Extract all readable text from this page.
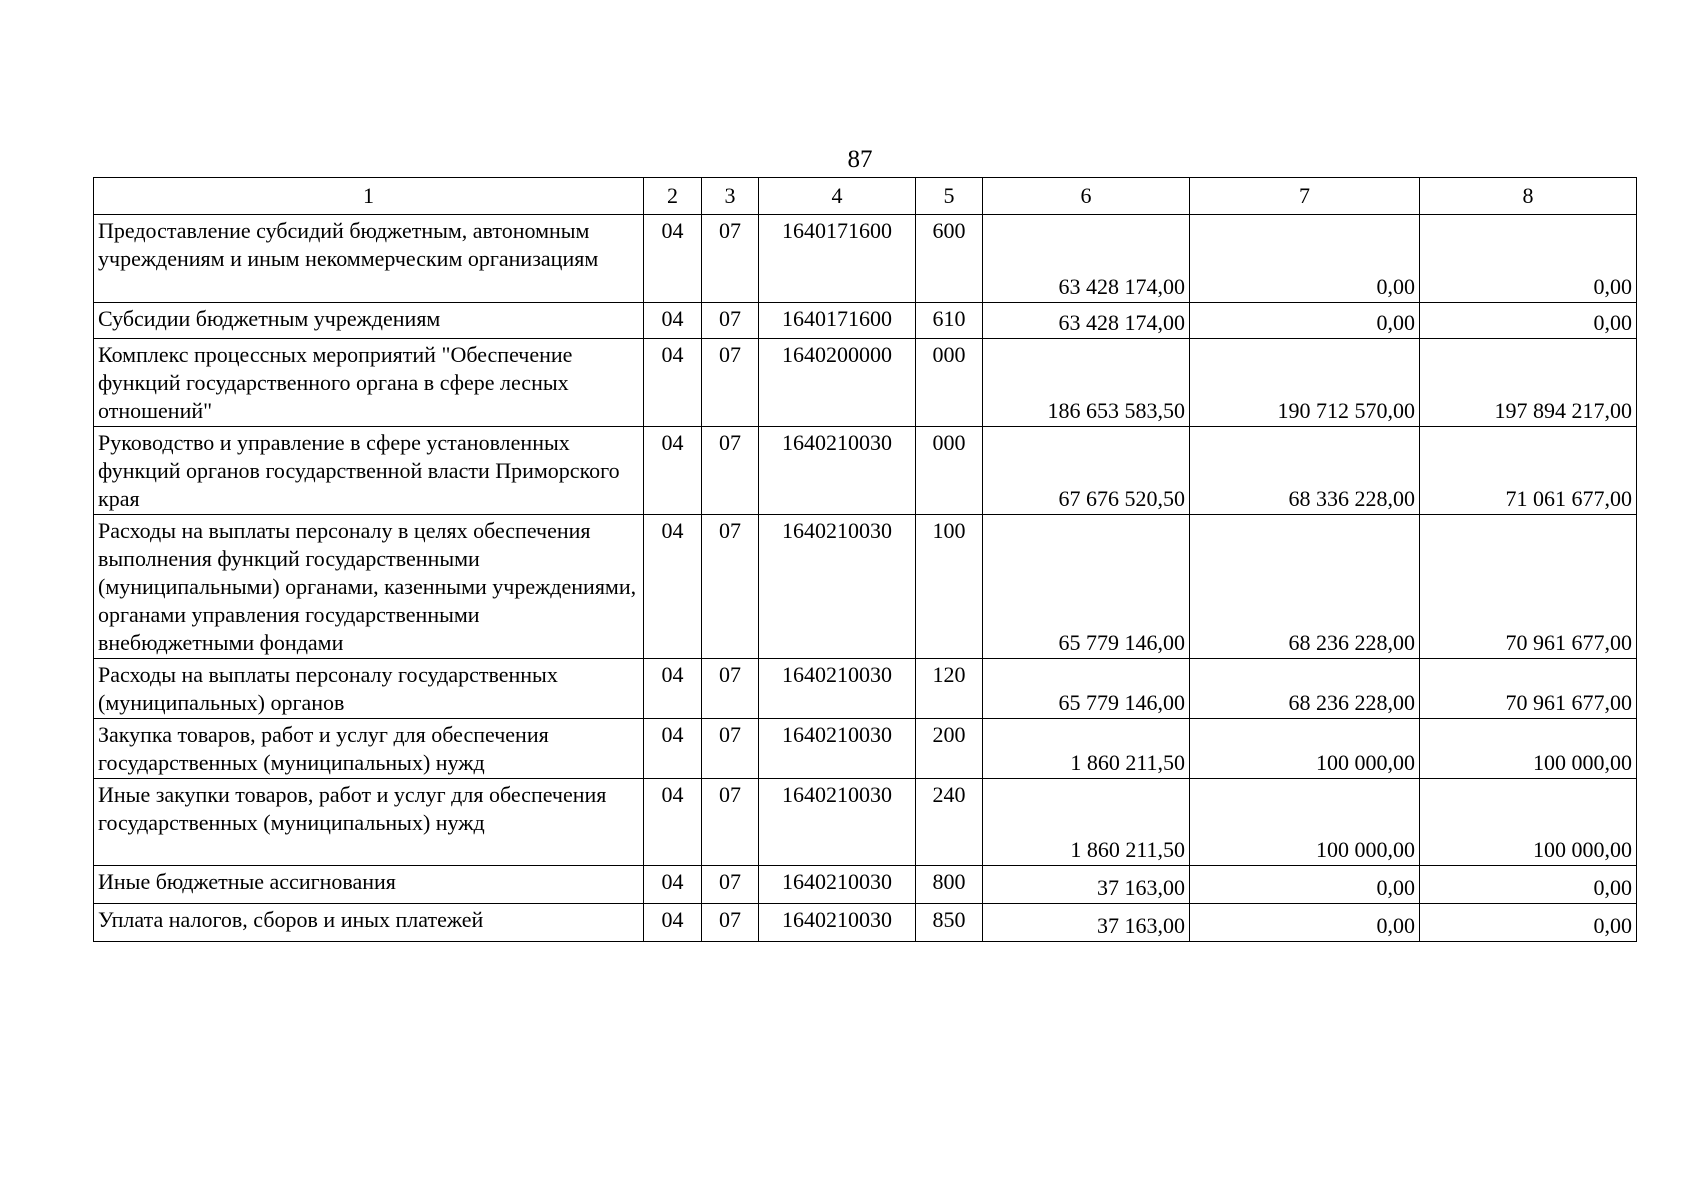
87
1	2	3	4	5	6	7	8
Предоставление субсидий бюджетным, автономным учреждениям и иным некоммерческим организациям	04	07	1640171600	600	63 428 174,00	0,00	0,00
Субсидии бюджетным учреждениям	04	07	1640171600	610	63 428 174,00	0,00	0,00
Комплекс процессных мероприятий "Обеспечение функций государственного органа в сфере лесных отношений"	04	07	1640200000	000	186 653 583,50	190 712 570,00	197 894 217,00
Руководство и управление в сфере установленных функций органов государственной власти Приморского края	04	07	1640210030	000	67 676 520,50	68 336 228,00	71 061 677,00
Расходы на выплаты персоналу в целях обеспечения выполнения функций государственными (муниципальными) органами, казенными учреждениями, органами управления государственными внебюджетными фондами	04	07	1640210030	100	65 779 146,00	68 236 228,00	70 961 677,00
Расходы на выплаты персоналу государственных (муниципальных) органов	04	07	1640210030	120	65 779 146,00	68 236 228,00	70 961 677,00
Закупка товаров, работ и услуг для обеспечения государственных (муниципальных) нужд	04	07	1640210030	200	1 860 211,50	100 000,00	100 000,00
Иные закупки товаров, работ и услуг для обеспечения государственных (муниципальных) нужд	04	07	1640210030	240	1 860 211,50	100 000,00	100 000,00
Иные бюджетные ассигнования	04	07	1640210030	800	37 163,00	0,00	0,00
Уплата налогов, сборов и иных платежей	04	07	1640210030	850	37 163,00	0,00	0,00
